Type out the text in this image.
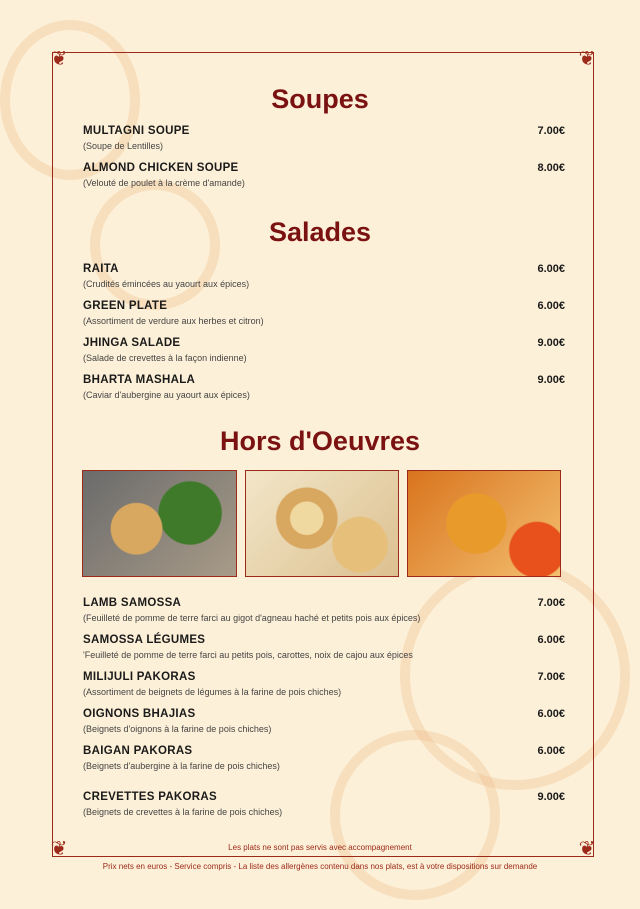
❦	❦
❦	❦
Soupes
Salades
Hors d'Oeuvres
MULTAGNI SOUPE
(Soupe de Lentilles)
7.00€
ALMOND CHICKEN SOUPE
(Velouté de poulet à la crème d'amande)
8.00€
RAITA
(Crudités émincées au yaourt aux épices)
6.00€
GREEN PLATE
(Assortiment de verdure aux herbes et citron)
6.00€
JHINGA SALADE
(Salade de crevettes à la façon indienne)
9.00€
BHARTA MASHALA
(Caviar d'aubergine au yaourt aux épices)
9.00€
LAMB SAMOSSA
(Feuilleté de pomme de terre farci au gigot d'agneau haché et petits pois aux épices)
7.00€
SAMOSSA LÉGUMES
'Feuilleté de pomme de terre farci au petits pois, carottes, noix de cajou aux épices
6.00€
MILIJULI PAKORAS
(Assortiment de beignets de légumes à la farine de pois chiches)
7.00€
OIGNONS BHAJIAS
(Beignets d'oignons à la farine de pois chiches)
6.00€
BAIGAN PAKORAS
(Beignets d'aubergine à la farine de pois chiches)
6.00€
CREVETTES PAKORAS
(Beignets de crevettes à la farine de pois chiches)
9.00€
Les plats ne sont pas servis avec accompagnement
Prix nets en euros - Service compris - La liste des allergènes contenu dans nos plats, est à votre dispositions sur demande
